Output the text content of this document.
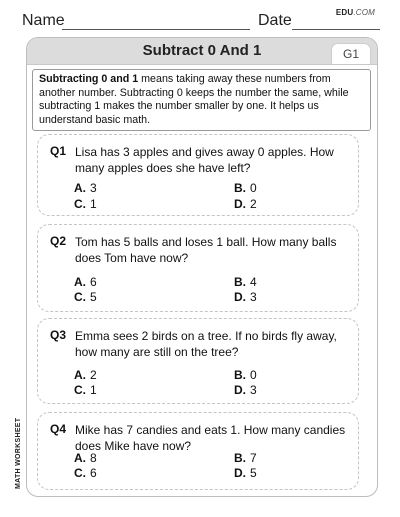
Name	Date	EDU.COM
Subtract 0 And 1	G1
Subtracting 0 and 1 means taking away these numbers from another number. Subtracting 0 keeps the number the same, while subtracting 1 makes the number smaller by one. It helps us understand basic math.
Q1 Lisa has 3 apples and gives away 0 apples. How many apples does she have left?
A. 3	B. 0
C. 1	D. 2
Q2 Tom has 5 balls and loses 1 ball. How many balls does Tom have now?
A. 6	B. 4
C. 5	D. 3
Q3 Emma sees 2 birds on a tree. If no birds fly away, how many are still on the tree?
A. 2	B. 0
C. 1	D. 3
Q4 Mike has 7 candies and eats 1. How many candies does Mike have now?
A. 8	B. 7
C. 6	D. 5
MATH WORKSHEET
